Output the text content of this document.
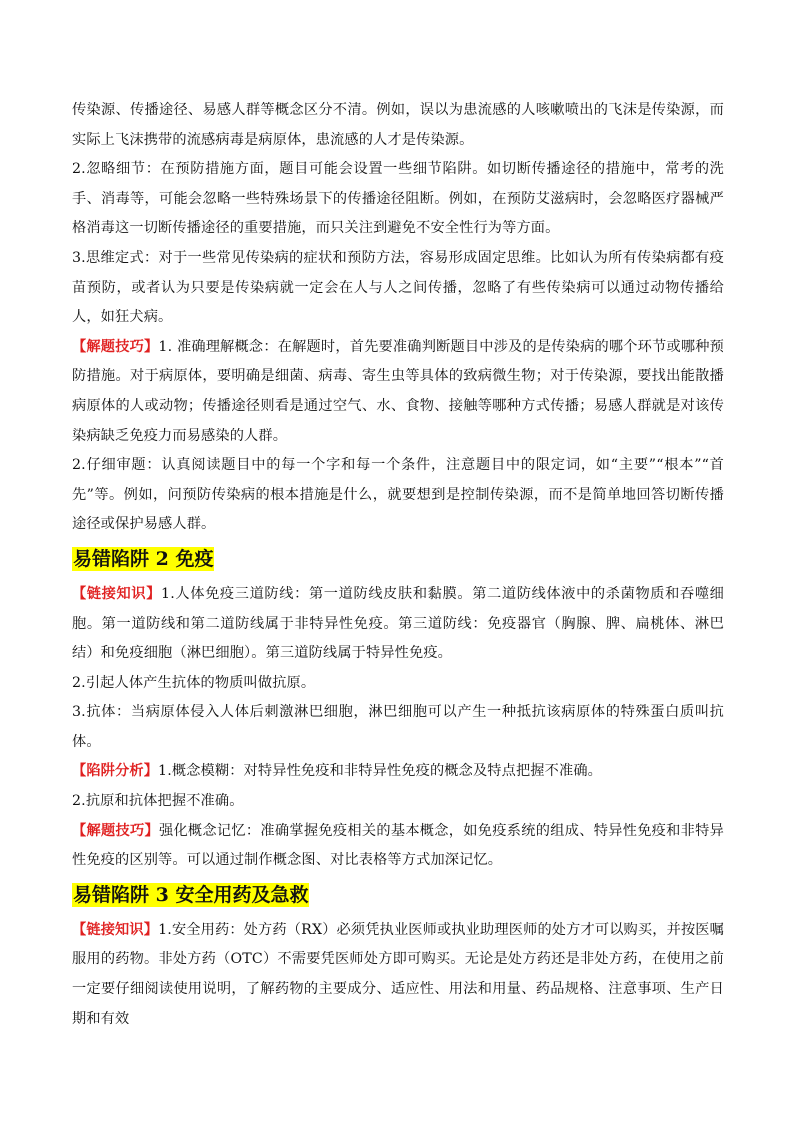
传染源、传播途径、易感人群等概念区分不清。例如，误以为患流感的人咳嗽喷出的飞沫是传染源，而实际上飞沫携带的流感病毒是病原体，患流感的人才是传染源。

2.忽略细节：在预防措施方面，题目可能会设置一些细节陷阱。如切断传播途径的措施中，常考的洗手、消毒等，可能会忽略一些特殊场景下的传播途径阻断。例如，在预防艾滋病时，会忽略医疗器械严格消毒这一切断传播途径的重要措施，而只关注到避免不安全性行为等方面。

3.思维定式：对于一些常见传染病的症状和预防方法，容易形成固定思维。比如认为所有传染病都有疫苗预防，或者认为只要是传染病就一定会在人与人之间传播，忽略了有些传染病可以通过动物传播给人，如狂犬病。

【解题技巧】1. 准确理解概念：在解题时，首先要准确判断题目中涉及的是传染病的哪个环节或哪种预防措施。对于病原体，要明确是细菌、病毒、寄生虫等具体的致病微生物；对于传染源，要找出能散播病原体的人或动物；传播途径则看是通过空气、水、食物、接触等哪种方式传播；易感人群就是对该传染病缺乏免疫力而易感染的人群。

2.仔细审题：认真阅读题目中的每一个字和每一个条件，注意题目中的限定词，如“主要”“根本”“首先”等。例如，问预防传染病的根本措施是什么，就要想到是控制传染源，而不是简单地回答切断传播途径或保护易感人群。

易错陷阱 2 免疫

【链接知识】1.人体免疫三道防线：第一道防线皮肤和黏膜。第二道防线体液中的杀菌物质和吞噬细胞。第一道防线和第二道防线属于非特异性免疫。第三道防线：免疫器官（胸腺、脾、扁桃体、淋巴结）和免疫细胞（淋巴细胞）。第三道防线属于特异性免疫。

2.引起人体产生抗体的物质叫做抗原。

3.抗体：当病原体侵入人体后刺激淋巴细胞，淋巴细胞可以产生一种抵抗该病原体的特殊蛋白质叫抗体。

【陷阱分析】1.概念模糊：对特异性免疫和非特异性免疫的概念及特点把握不准确。

2.抗原和抗体把握不准确。

【解题技巧】强化概念记忆：准确掌握免疫相关的基本概念，如免疫系统的组成、特异性免疫和非特异性免疫的区别等。可以通过制作概念图、对比表格等方式加深记忆。

易错陷阱 3 安全用药及急救

【链接知识】1.安全用药：处方药（RX）必须凭执业医师或执业助理医师的处方才可以购买，并按医嘱服用的药物。非处方药（OTC）不需要凭医师处方即可购买。无论是处方药还是非处方药，在使用之前一定要仔细阅读使用说明，了解药物的主要成分、适应性、用法和用量、药品规格、注意事项、生产日期和有效
